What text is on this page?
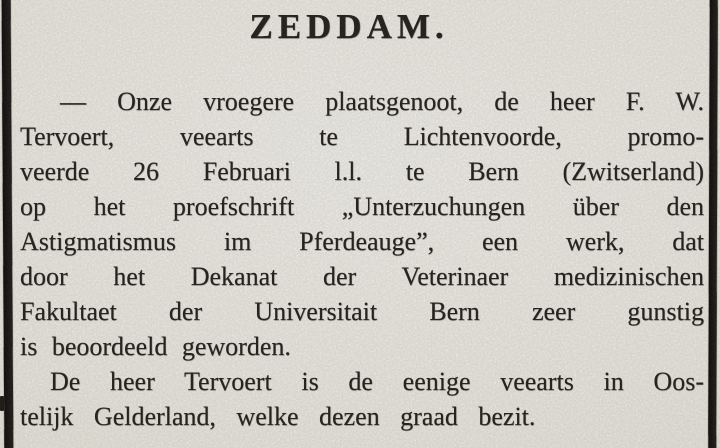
ZEDDAM.

— Onze vroegere plaatsgenoot, de heer F. W.

Tervoert, veearts te Lichtenvoorde, promo-

veerde 26 Februari l.l. te Bern (Zwitserland)

op het proefschrift „Unterzuchungen über den

Astigmatismus im Pferdeauge”, een werk, dat

door het Dekanat der Veterinaer medizinischen

Fakultaet der Universitait Bern zeer gunstig

is beoordeeld geworden.

De heer Tervoert is de eenige veearts in Oos-

telijk Gelderland, welke dezen graad bezit.
